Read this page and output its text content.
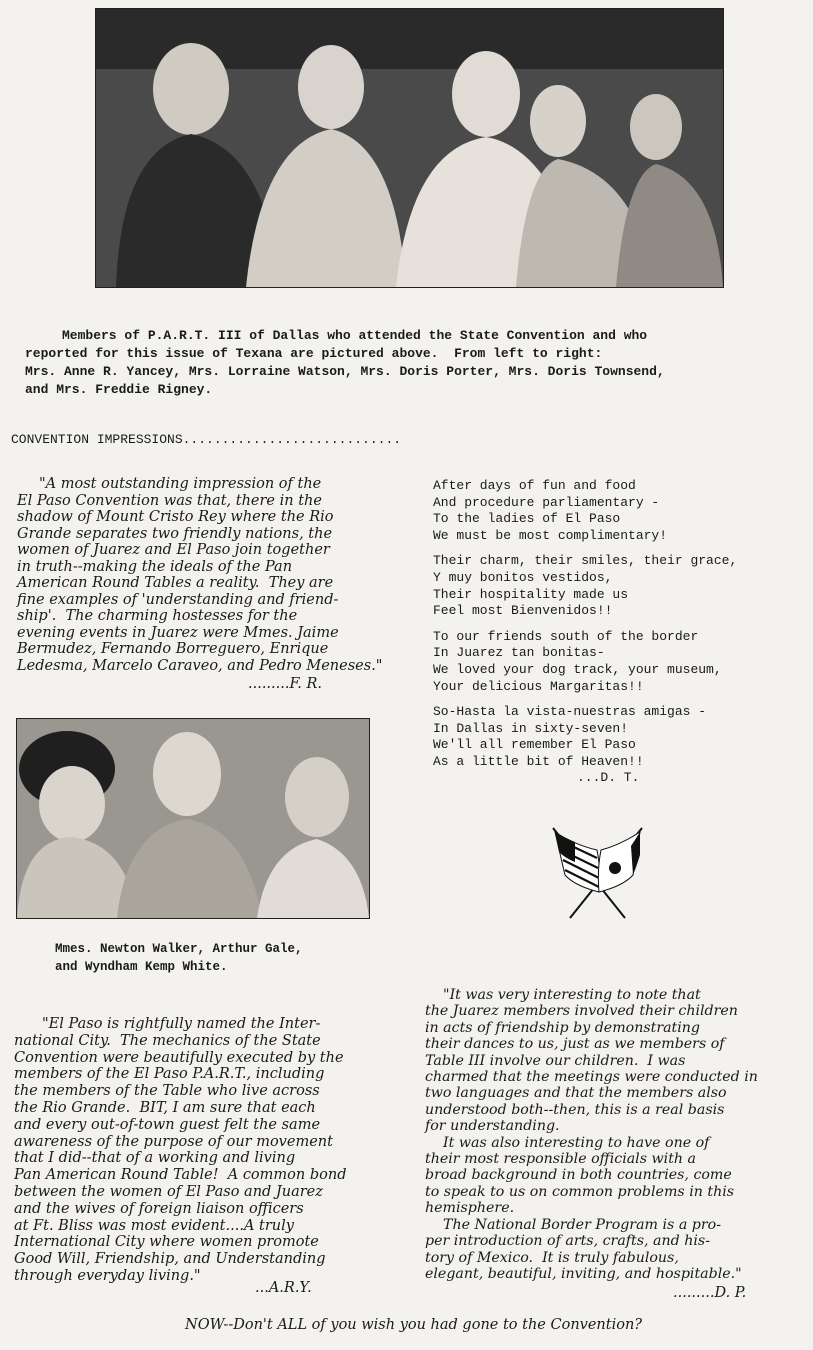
Members of P.A.R.T. III of Dallas who attended the State Convention and who
reported for this issue of Texana are pictured above.  From left to right:
Mrs. Anne R. Yancey, Mrs. Lorraine Watson, Mrs. Doris Porter, Mrs. Doris Townsend,
and Mrs. Freddie Rigney.
CONVENTION IMPRESSIONS............................
"A most outstanding impression of the
El Paso Convention was that, there in the
shadow of Mount Cristo Rey where the Rio
Grande separates two friendly nations, the
women of Juarez and El Paso join together
in truth--making the ideals of the Pan
American Round Tables a reality.  They are
fine examples of 'understanding and friend-
ship'.  The charming hostesses for the
evening events in Juarez were Mmes. Jaime
Bermudez, Fernando Borreguero, Enrique
Ledesma, Marcelo Caraveo, and Pedro Meneses."
.........F. R.
After days of fun and food
And procedure parliamentary -
To the ladies of El Paso
We must be most complimentary!
Their charm, their smiles, their grace,
Y muy bonitos vestidos,
Their hospitality made us
Feel most Bienvenidos!!
To our friends south of the border
In Juarez tan bonitas-
We loved your dog track, your museum,
Your delicious Margaritas!!
So-Hasta la vista-nuestras amigas -
In Dallas in sixty-seven!
We'll all remember El Paso
As a little bit of Heaven!!
...D. T.
Mmes. Newton Walker, Arthur Gale,
and Wyndham Kemp White.
"El Paso is rightfully named the Inter-
national City.  The mechanics of the State
Convention were beautifully executed by the
members of the El Paso P.A.R.T., including
the members of the Table who live across
the Rio Grande.  BIT, I am sure that each
and every out-of-town guest felt the same
awareness of the purpose of our movement
that I did--that of a working and living
Pan American Round Table!  A common bond
between the women of El Paso and Juarez
and the wives of foreign liaison officers
at Ft. Bliss was most evident....A truly
International City where women promote
Good Will, Friendship, and Understanding
through everyday living."
...A.R.Y.
"It was very interesting to note that
the Juarez members involved their children
in acts of friendship by demonstrating
their dances to us, just as we members of
Table III involve our children.  I was
charmed that the meetings were conducted in
two languages and that the members also
understood both--then, this is a real basis
for understanding.
It was also interesting to have one of
their most responsible officials with a
broad background in both countries, come
to speak to us on common problems in this
hemisphere.
The National Border Program is a pro-
per introduction of arts, crafts, and his-
tory of Mexico.  It is truly fabulous,
elegant, beautiful, inviting, and hospitable."
.........D. P.
NOW--Don't ALL of you wish you had gone to the Convention?
